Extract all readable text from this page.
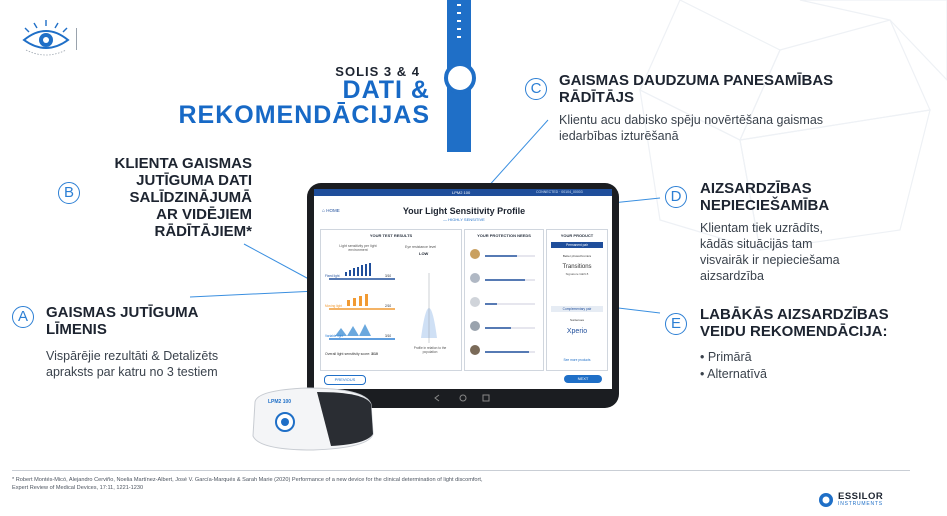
SOLIS 3 & 4
DATI &
REKOMENDĀCIJAS
A	GAISMAS JUTĪGUMA
LĪMENIS
Vispārējie rezultāti & Detalizēts
apraksts par katru no 3 testiem
B
KLIENTA GAISMAS
JUTĪGUMA DATI
SALĪDZINĀJUMĀ
AR VIDĒJIEM
RĀDĪTĀJIEM*
C	GAISMAS DAUDZUMA PANESAMĪBAS
RĀDĪTĀJS
Klientu acu dabisko spēju novērtēšana gaismas
iedarbības izturēšanā
D	AIZSARDZĪBAS
NEPIECIEŠAMĪBA
Klientam tiek uzrādīts,
kādās situācijās tam
visvairāk ir nepieciešama
aizsardzība
E
LABĀKĀS AIZSARDZĪBAS
VEIDU REKOMENDĀCIJA:
• Primārā
• Alternatīvā
LPM2 100	CONNECTED · 00104_00003
⌂ HOME	Your Light Sensitivity Profile
— HIGHLY SENSITIVE
YOUR TEST RESULTS
Light sensitivity per light environment
Eye resistance level
LOW
Fixed light	3/10
Moving light	2/10
Variable light	3/10
Overall light sensitivity score: 3/10
Profile in relation to the population
YOUR PROTECTION NEEDS	YOUR PRODUCT
Permanent pair
Better photochromics
Transitions
Signature GEN 8
Complementary pair
Sunlenses
Xperio
See more products
PREVIOUS	NEXT
LPM2 100
* Robert Montés-Micó, Alejandro Cerviño, Noelia Martínez-Albert, José V. García-Marqués & Sarah Marie (2020) Performance of a new device for the clinical determination of light discomfort,
Expert Review of Medical Devices, 17:11, 1221-1230
ESSILOR
INSTRUMENTS
